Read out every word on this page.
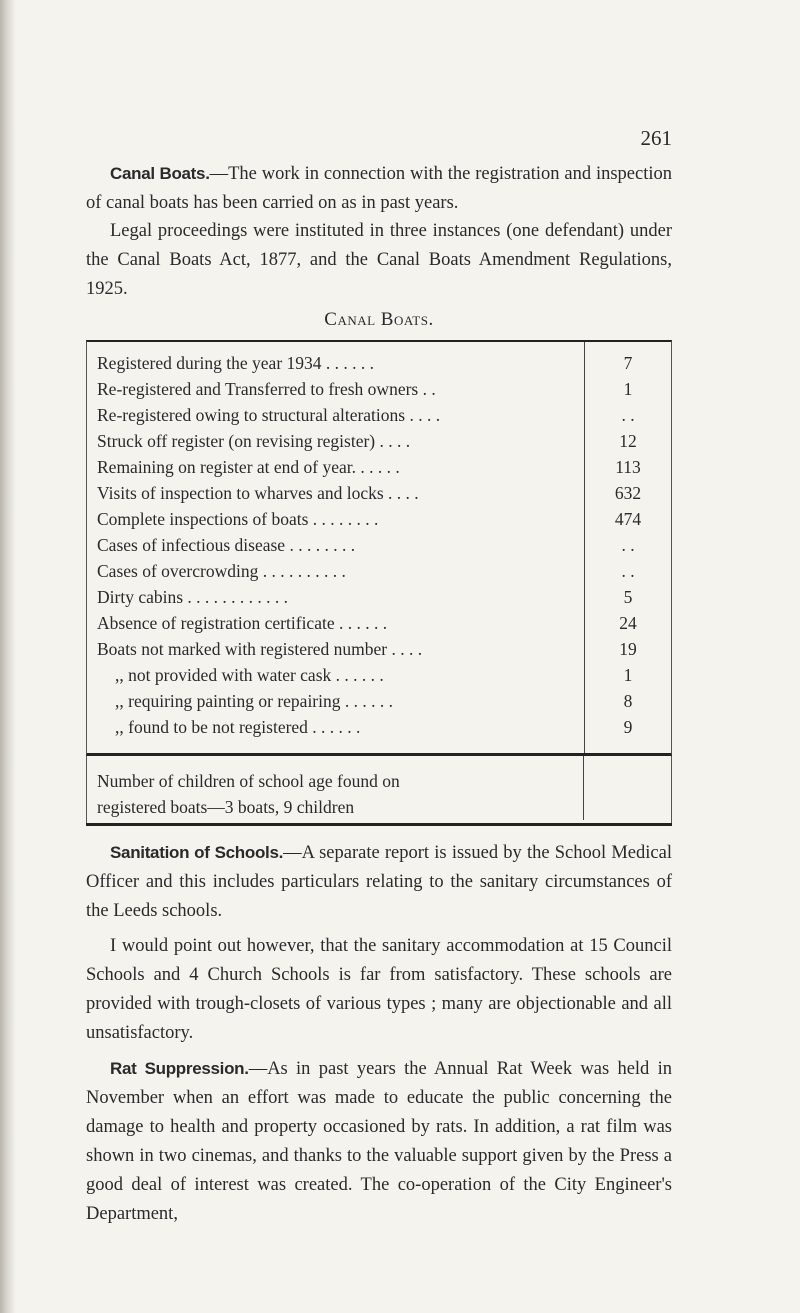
261

Canal Boats.—The work in connection with the registration and inspection of canal boats has been carried on as in past years.

Legal proceedings were instituted in three instances (one defendant) under the Canal Boats Act, 1877, and the Canal Boats Amendment Regulations, 1925.

Canal Boats.
Registered during the year 1934 . . . . . .	7
Re-registered and Transferred to fresh owners . .	1
Re-registered owing to structural alterations . . . .	. .
Struck off register (on revising register) . . . .	12
Remaining on register at end of year. . . . . .	113
Visits of inspection to wharves and locks . . . .	632
Complete inspections of boats . . . . . . . .	474
Cases of infectious disease . . . . . . . .	. .
Cases of overcrowding . . . . . . . . . .	. .
Dirty cabins . . . . . . . . . . . .	5
Absence of registration certificate . . . . . .	24
Boats not marked with registered number . . . .	19
,, not provided with water cask . . . . . .	1
,, requiring painting or repairing . . . . . .	8
,, found to be not registered . . . . . .	9
Number of children of school age found on
registered boats—3 boats, 9 children

Sanitation of Schools.—A separate report is issued by the School Medical Officer and this includes particulars relating to the sanitary circumstances of the Leeds schools.

I would point out however, that the sanitary accommodation at 15 Council Schools and 4 Church Schools is far from satisfactory. These schools are provided with trough-closets of various types ; many are objectionable and all unsatisfactory.

Rat Suppression.—As in past years the Annual Rat Week was held in November when an effort was made to educate the public concerning the damage to health and property occasioned by rats. In addition, a rat film was shown in two cinemas, and thanks to the valuable support given by the Press a good deal of interest was created. The co-operation of the City Engineer's Department,
